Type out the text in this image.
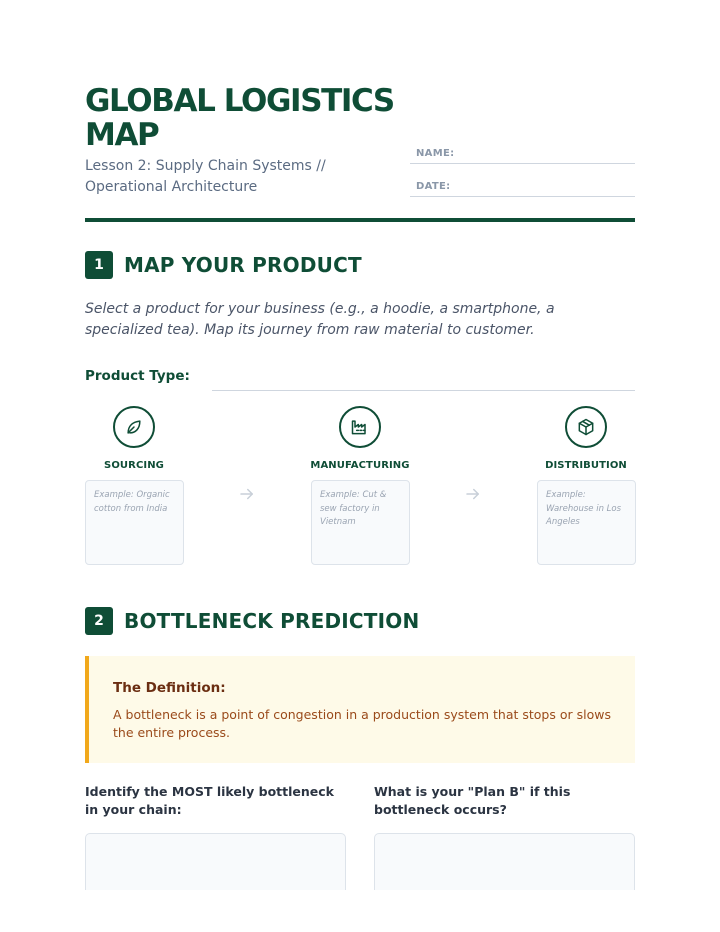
GLOBAL LOGISTICS MAP

Lesson 2: Supply Chain Systems // Operational Architecture

NAME:
DATE:
1	MAP YOUR PRODUCT

Select a product for your business (e.g., a hoodie, a smartphone, a specialized tea). Map its journey from raw material to customer.

Product Type:
SOURCING
Example: Organic cotton from India
MANUFACTURING
Example: Cut & sew factory in Vietnam
DISTRIBUTION
Example: Warehouse in Los Angeles
2	BOTTLENECK PREDICTION
The Definition:

A bottleneck is a point of congestion in a production system that stops or slows the entire process.

Identify the MOST likely bottleneck in your chain:

What is your "Plan B" if this bottleneck occurs?
